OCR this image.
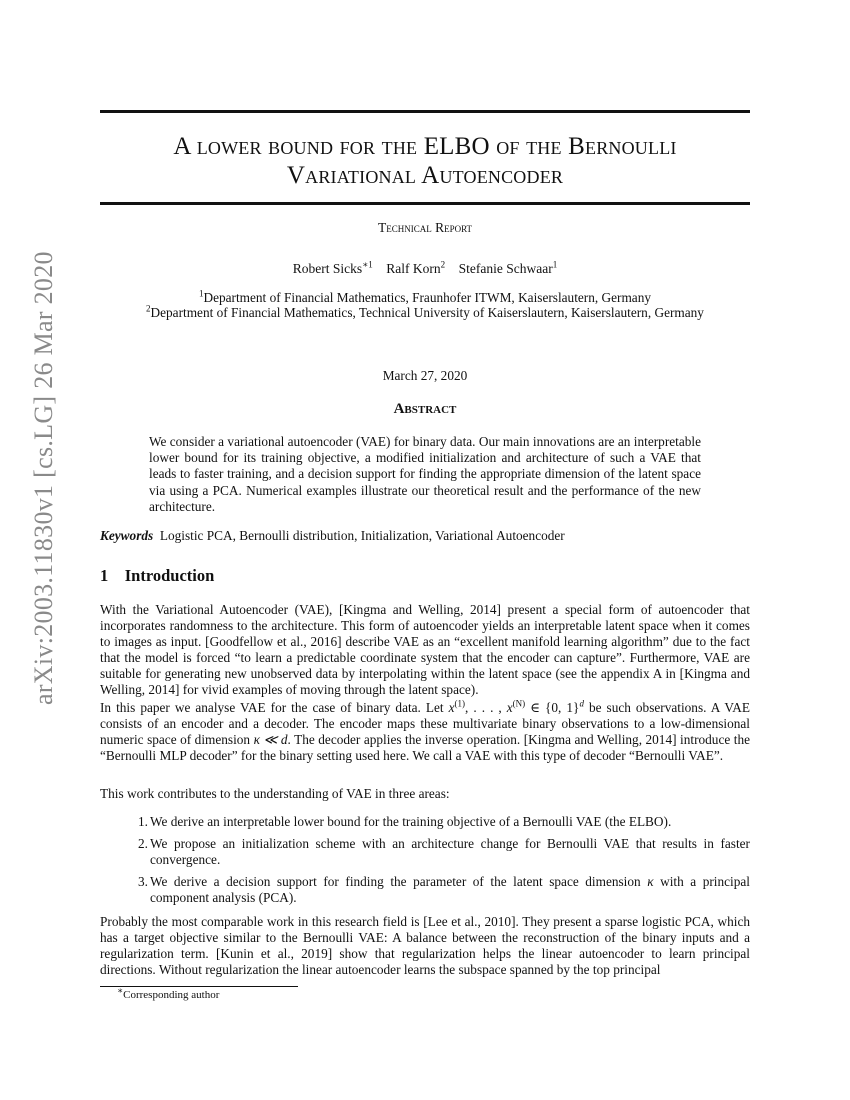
arXiv:2003.11830v1 [cs.LG] 26 Mar 2020
A lower bound for the ELBO of the Bernoulli
Variational Autoencoder
Technical Report
Robert Sicks$^{∗1}$ Ralf Korn$^2$ Stefanie Schwaar$^1$
$^1$Department of Financial Mathematics, Fraunhofer ITWM, Kaiserslautern, Germany
$^2$Department of Financial Mathematics, Technical University of Kaiserslautern, Kaiserslautern, Germany
March 27, 2020
Abstract
We consider a variational autoencoder (VAE) for binary data. Our main innovations are an interpretable lower bound for its training objective, a modified initialization and architecture of such a VAE that leads to faster training, and a decision support for finding the appropriate dimension of the latent space via using a PCA. Numerical examples illustrate our theoretical result and the performance of the new architecture.
Keywords Logistic PCA, Bernoulli distribution, Initialization, Variational Autoencoder
1 Introduction
With the Variational Autoencoder (VAE), [Kingma and Welling, 2014] present a special form of autoencoder that incorporates randomness to the architecture. This form of autoencoder yields an interpretable latent space when it comes to images as input. [Goodfellow et al., 2016] describe VAE as an “excellent manifold learning algorithm” due to the fact that the model is forced “to learn a predictable coordinate system that the encoder can capture”. Furthermore, VAE are suitable for generating new unobserved data by interpolating within the latent space (see the appendix A in [Kingma and Welling, 2014] for vivid examples of moving through the latent space).
In this paper we analyse VAE for the case of binary data. Let $x^{(1)}$, . . . , $x^{(N)}$ ∈ {0, 1}$^d$ be such observations. A VAE consists of an encoder and a decoder. The encoder maps these multivariate binary observations to a low-dimensional numeric space of dimension κ ≪ d. The decoder applies the inverse operation. [Kingma and Welling, 2014] introduce the “Bernoulli MLP decoder” for the binary setting used here. We call a VAE with this type of decoder “Bernoulli VAE”.
This work contributes to the understanding of VAE in three areas:
1. We derive an interpretable lower bound for the training objective of a Bernoulli VAE (the ELBO).
2. We propose an initialization scheme with an architecture change for Bernoulli VAE that results in faster convergence.
3. We derive a decision support for finding the parameter of the latent space dimension κ with a principal component analysis (PCA).
Probably the most comparable work in this research field is [Lee et al., 2010]. They present a sparse logistic PCA, which has a target objective similar to the Bernoulli VAE: A balance between the reconstruction of the binary inputs and a regularization term. [Kunin et al., 2019] show that regularization helps the linear autoencoder to learn principal directions. Without regularization the linear autoencoder learns the subspace spanned by the top principal
∗Corresponding author
